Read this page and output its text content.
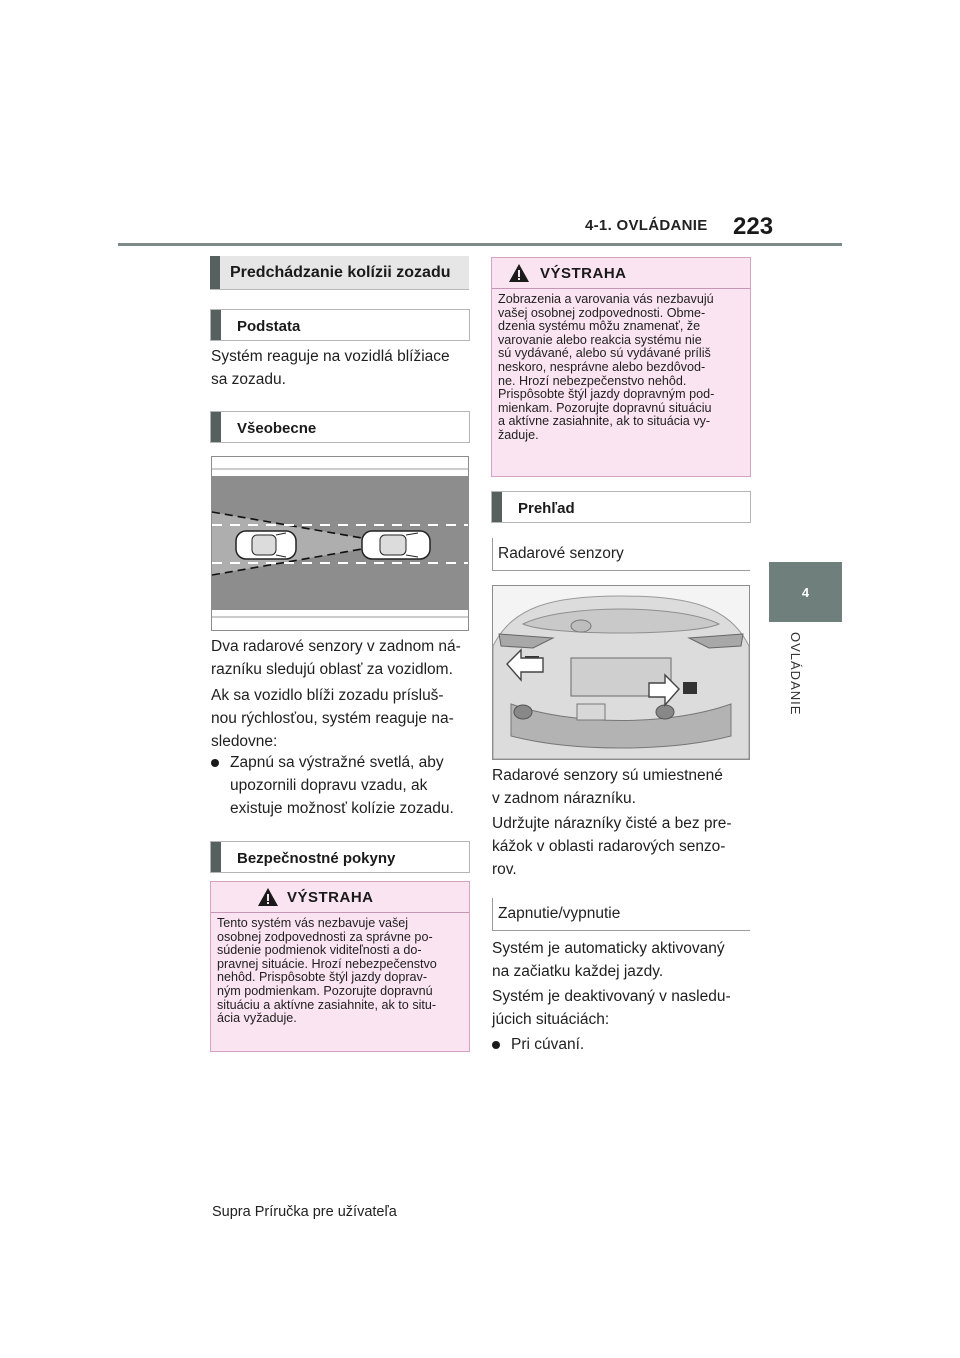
4-1. OVLÁDANIE 223
4
OVLÁDANIE
Predchádzanie kolízii zozadu
Podstata
Systém reaguje na vozidlá blížiace
sa zozadu.
Všeobecne
Dva radarové senzory v zadnom ná-
razníku sledujú oblasť za vozidlom.
Ak sa vozidlo blíži zozadu prísluš-
nou rýchlosťou, systém reaguje na-
sledovne:
Zapnú sa výstražné svetlá, aby
upozornili dopravu vzadu, ak
existuje možnosť kolízie zozadu.
Bezpečnostné pokyny
VÝSTRAHA
Tento systém vás nezbavuje vašej
osobnej zodpovednosti za správne po-
súdenie podmienok viditeľnosti a do-
pravnej situácie. Hrozí nebezpečenstvo
nehôd. Prispôsobte štýl jazdy doprav-
ným podmienkam. Pozorujte dopravnú
situáciu a aktívne zasiahnite, ak to situ-
ácia vyžaduje.
VÝSTRAHA
Zobrazenia a varovania vás nezbavujú
vašej osobnej zodpovednosti. Obme-
dzenia systému môžu znamenať, že
varovanie alebo reakcia systému nie
sú vydávané, alebo sú vydávané príliš
neskoro, nesprávne alebo bezdôvod-
ne. Hrozí nebezpečenstvo nehôd.
Prispôsobte štýl jazdy dopravným pod-
mienkam. Pozorujte dopravnú situáciu
a aktívne zasiahnite, ak to situácia vy-
žaduje.
Prehľad
Radarové senzory
Radarové senzory sú umiestnené
v zadnom nárazníku.
Udržujte nárazníky čisté a bez pre-
kážok v oblasti radarových senzo-
rov.
Zapnutie/vypnutie
Systém je automaticky aktivovaný
na začiatku každej jazdy.
Systém je deaktivovaný v nasledu-
júcich situáciách:
Pri cúvaní.
Supra Príručka pre užívateľa
